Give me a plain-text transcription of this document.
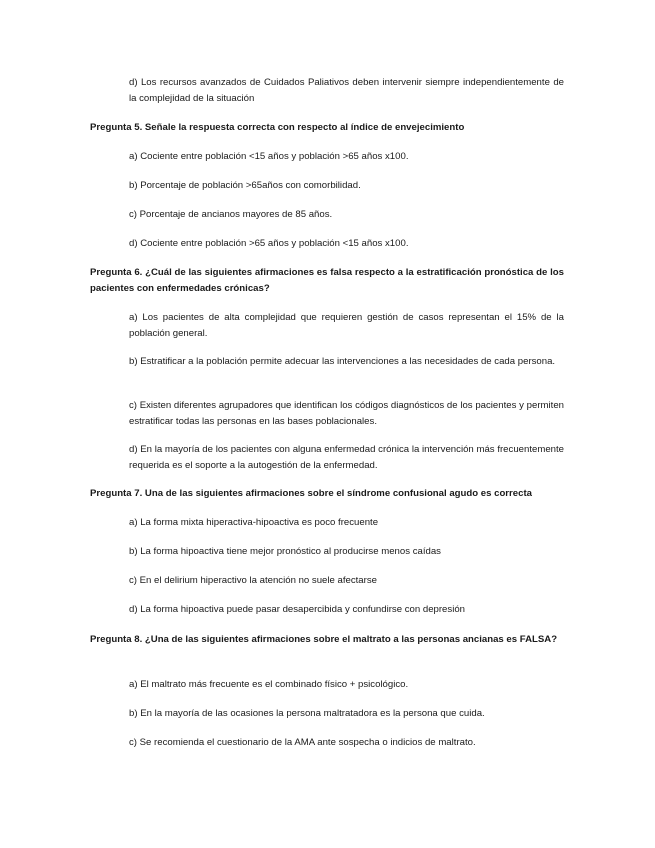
d) Los recursos avanzados de Cuidados Paliativos deben intervenir siempre independientemente de la complejidad de la situación

Pregunta 5. Señale la respuesta correcta con respecto al índice de envejecimiento

a) Cociente entre población <15 años y población >65 años x100.

b) Porcentaje de población >65años con comorbilidad.

c) Porcentaje de ancianos mayores de 85 años.

d) Cociente entre población >65 años y población <15 años x100.

Pregunta 6. ¿Cuál de las siguientes afirmaciones es falsa respecto a la estratificación pronóstica de los pacientes con enfermedades crónicas?

a) Los pacientes de alta complejidad que requieren gestión de casos representan el 15% de la población general.

b) Estratificar a la población permite adecuar las intervenciones a las necesidades de cada persona.

c) Existen diferentes agrupadores que identifican los códigos diagnósticos de los pacientes y permiten estratificar todas las personas en las bases poblacionales.

d) En la mayoría de los pacientes con alguna enfermedad crónica la intervención más frecuentemente requerida es el soporte a la autogestión de la enfermedad.

Pregunta 7. Una de las siguientes afirmaciones sobre el síndrome confusional agudo es correcta

a) La forma mixta hiperactiva-hipoactiva es poco frecuente

b) La forma hipoactiva tiene mejor pronóstico al producirse menos caídas

c) En el delirium hiperactivo la atención no suele afectarse

d) La forma hipoactiva puede pasar desapercibida y confundirse con depresión

Pregunta 8. ¿Una de las siguientes afirmaciones sobre el maltrato a las personas ancianas es FALSA?

a) El maltrato más frecuente es el combinado físico + psicológico.

b) En la mayoría de las ocasiones la persona maltratadora es la persona que cuida.

c) Se recomienda el cuestionario de la AMA ante sospecha o indicios de maltrato.
